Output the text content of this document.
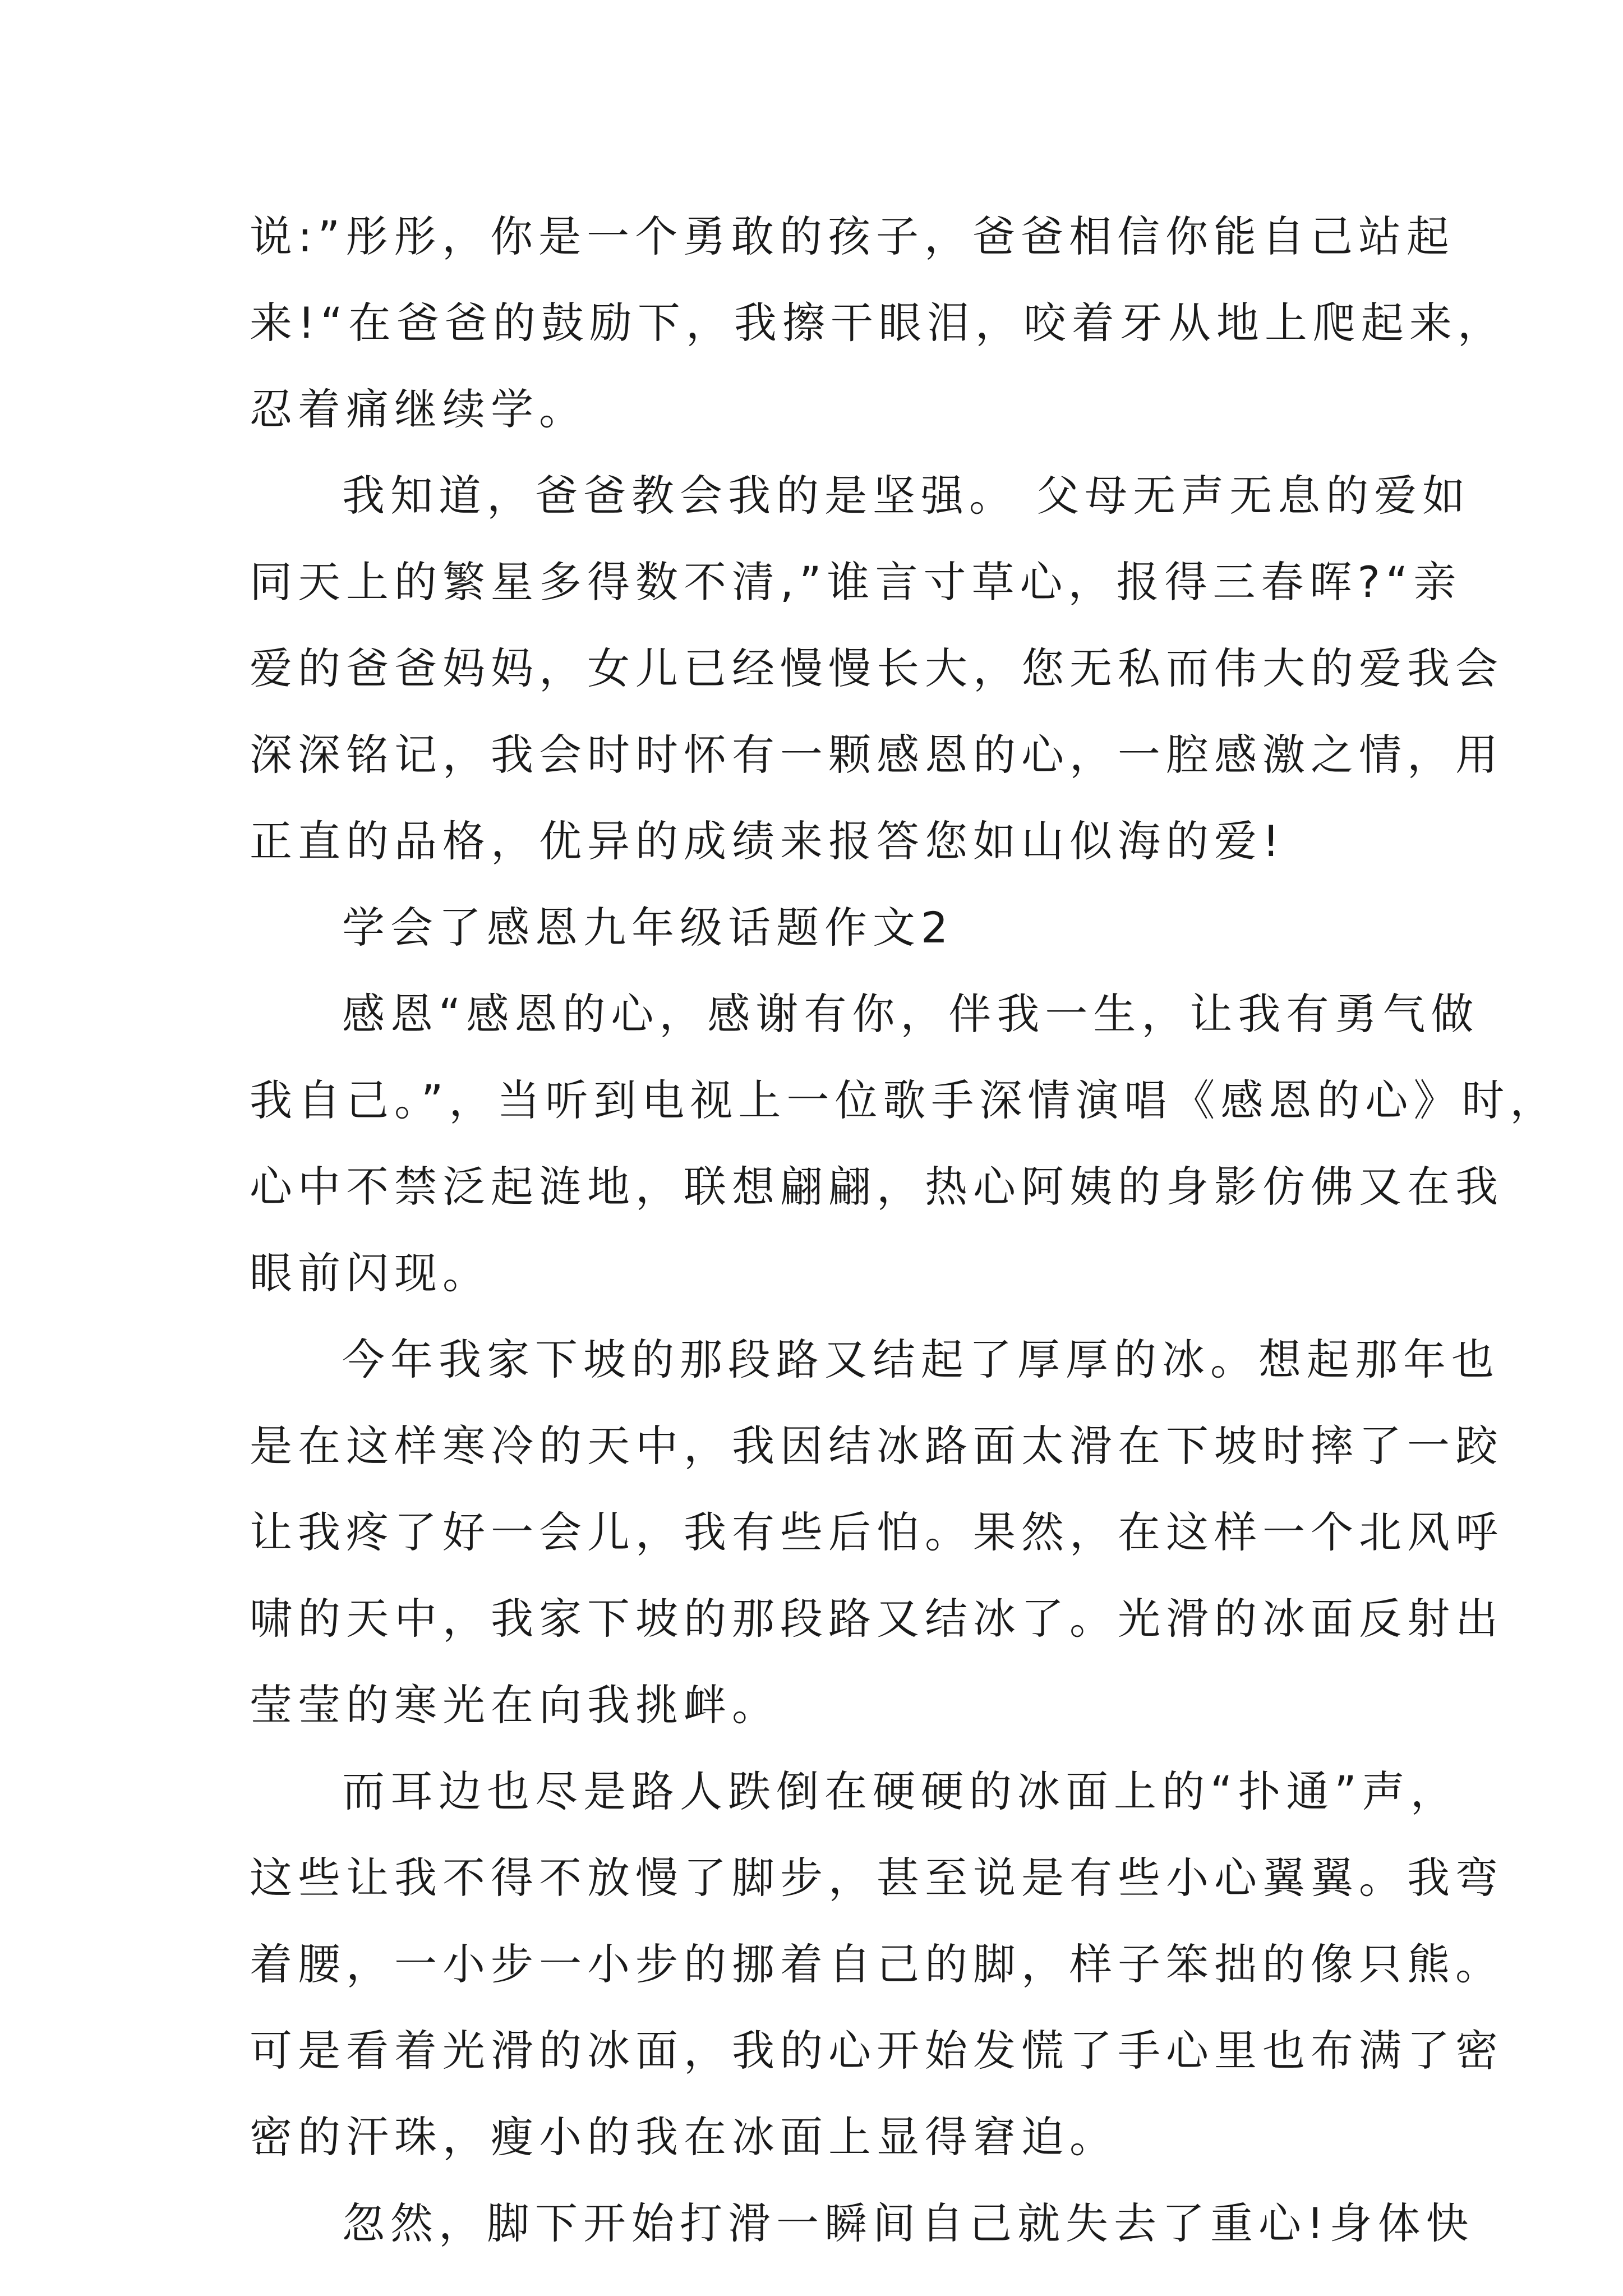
说:”彤彤，你是一个勇敢的孩子，爸爸相信你能自己站起
来!“在爸爸的鼓励下，我擦干眼泪，咬着牙从地上爬起来，
忍着痛继续学。
我知道，爸爸教会我的是坚强。 父母无声无息的爱如
同天上的繁星多得数不清,”谁言寸草心，报得三春晖?“亲
爱的爸爸妈妈，女儿已经慢慢长大，您无私而伟大的爱我会
深深铭记，我会时时怀有一颗感恩的心，一腔感激之情，用
正直的品格，优异的成绩来报答您如山似海的爱!
学会了感恩九年级话题作文2
感恩“感恩的心，感谢有你，伴我一生，让我有勇气做
我自己。”，当听到电视上一位歌手深情演唱《感恩的心》时，
心中不禁泛起涟地，联想翩翩，热心阿姨的身影仿佛又在我
眼前闪现。
今年我家下坡的那段路又结起了厚厚的冰。想起那年也
是在这样寒冷的天中，我因结冰路面太滑在下坡时摔了一跤
让我疼了好一会儿，我有些后怕。果然，在这样一个北风呼
啸的天中，我家下坡的那段路又结冰了。光滑的冰面反射出
莹莹的寒光在向我挑衅。
而耳边也尽是路人跌倒在硬硬的冰面上的“扑通”声，
这些让我不得不放慢了脚步，甚至说是有些小心翼翼。我弯
着腰，一小步一小步的挪着自己的脚，样子笨拙的像只熊。
可是看着光滑的冰面，我的心开始发慌了手心里也布满了密
密的汗珠，瘦小的我在冰面上显得窘迫。
忽然，脚下开始打滑一瞬间自己就失去了重心!身体快
